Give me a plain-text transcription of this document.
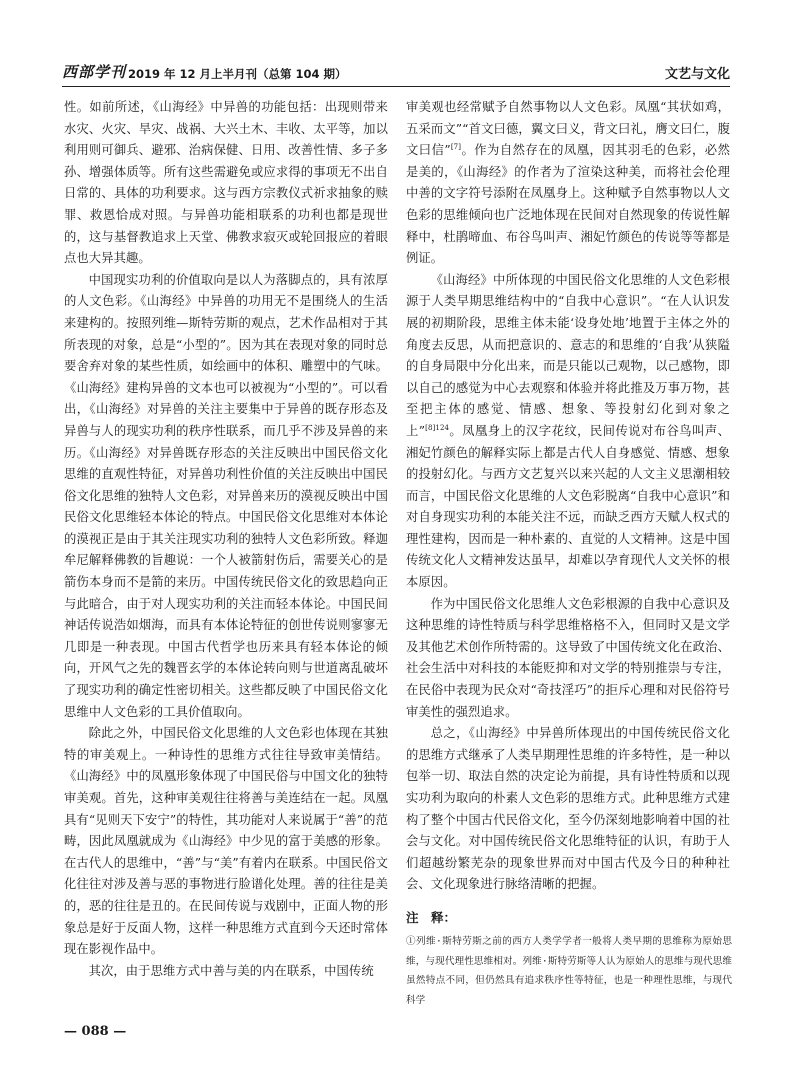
西部学刊 2019 年 12 月上半月刊（总第 104 期）	文艺与文化

性。如前所述，《山海经》中异兽的功能包括：出现则带来水灾、火灾、旱灾、战祸、大兴土木、丰收、太平等，加以利用则可御兵、避邪、治病保健、日用、改善性情、多子多孙、增强体质等。所有这些需避免或应求得的事项无不出自日常的、具体的功利要求。这与西方宗教仪式祈求抽象的赎罪、救恩恰成对照。与异兽功能相联系的功利也都是现世的，这与基督教追求上天堂、佛教求寂灭或轮回报应的着眼点也大异其趣。

中国现实功利的价值取向是以人为落脚点的，具有浓厚的人文色彩。《山海经》中异兽的功用无不是围绕人的生活来建构的。按照列维—斯特劳斯的观点，艺术作品相对于其所表现的对象，总是“小型的”。因为其在表现对象的同时总要舍弃对象的某些性质，如绘画中的体积、雕塑中的气味。《山海经》建构异兽的文本也可以被视为“小型的”。可以看出，《山海经》对异兽的关注主要集中于异兽的既存形态及异兽与人的现实功利的秩序性联系，而几乎不涉及异兽的来历。《山海经》对异兽既存形态的关注反映出中国民俗文化思维的直观性特征，对异兽功利性价值的关注反映出中国民俗文化思维的独特人文色彩，对异兽来历的漠视反映出中国民俗文化思维轻本体论的特点。中国民俗文化思维对本体论的漠视正是由于其关注现实功利的独特人文色彩所致。释迦牟尼解释佛教的旨趣说：一个人被箭射伤后，需要关心的是箭伤本身而不是箭的来历。中国传统民俗文化的致思趋向正与此暗合，由于对人现实功利的关注而轻本体论。中国民间神话传说浩如烟海，而具有本体论特征的创世传说则寥寥无几即是一种表现。中国古代哲学也历来具有轻本体论的倾向，开风气之先的魏晋玄学的本体论转向则与世道离乱破坏了现实功利的确定性密切相关。这些都反映了中国民俗文化思维中人文色彩的工具价值取向。

除此之外，中国民俗文化思维的人文色彩也体现在其独特的审美观上。一种诗性的思维方式往往导致审美情结。《山海经》中的凤凰形象体现了中国民俗与中国文化的独特审美观。首先，这种审美观往往将善与美连结在一起。凤凰具有“见则天下安宁”的特性，其功能对人来说属于“善”的范畴，因此凤凰就成为《山海经》中少见的富于美感的形象。在古代人的思维中，“善”与“美”有着内在联系。中国民俗文化往往对涉及善与恶的事物进行脸谱化处理。善的往往是美的，恶的往往是丑的。在民间传说与戏剧中，正面人物的形象总是好于反面人物，这样一种思维方式直到今天还时常体现在影视作品中。

其次，由于思维方式中善与美的内在联系，中国传统

审美观也经常赋予自然事物以人文色彩。凤凰“其状如鸡，五采而文”“首文曰德，翼文曰义，背文曰礼，膺文曰仁，腹文曰信”[7]。作为自然存在的凤凰，因其羽毛的色彩，必然是美的，《山海经》的作者为了渲染这种美，而将社会伦理中善的文字符号添附在凤凰身上。这种赋予自然事物以人文色彩的思维倾向也广泛地体现在民间对自然现象的传说性解释中，杜鹃啼血、布谷鸟叫声、湘妃竹颜色的传说等等都是例证。

《山海经》中所体现的中国民俗文化思维的人文色彩根源于人类早期思维结构中的“自我中心意识”。“在人认识发展的初期阶段，思维主体未能‘设身处地’地置于主体之外的角度去反思，从而把意识的、意志的和思维的‘自我’从狭隘的自身局限中分化出来，而是只能以己观物，以己感物，即以自己的感觉为中心去观察和体验并将此推及万事万物，甚至把主体的感觉、情感、想象、等投射幻化到对象之上”$^{[8]124}$。凤凰身上的汉字花纹，民间传说对布谷鸟叫声、湘妃竹颜色的解释实际上都是古代人自身感觉、情感、想象的投射幻化。与西方文艺复兴以来兴起的人文主义思潮相较而言，中国民俗文化思维的人文色彩脱离“自我中心意识”和对自身现实功利的本能关注不远，而缺乏西方天赋人权式的理性建构，因而是一种朴素的、直觉的人文精神。这是中国传统文化人文精神发达虽早，却难以孕育现代人文关怀的根本原因。

作为中国民俗文化思维人文色彩根源的自我中心意识及这种思维的诗性特质与科学思维格格不入，但同时又是文学及其他艺术创作所特需的。这导致了中国传统文化在政治、社会生活中对科技的本能贬抑和对文学的特别推崇与专注，在民俗中表现为民众对“奇技淫巧”的拒斥心理和对民俗符号审美性的强烈追求。

总之，《山海经》中异兽所体现出的中国传统民俗文化的思维方式继承了人类早期理性思维的许多特性，是一种以包举一切、取法自然的决定论为前提，具有诗性特质和以现实功利为取向的朴素人文色彩的思维方式。此种思维方式建构了整个中国古代民俗文化，至今仍深刻地影响着中国的社会与文化。对中国传统民俗文化思维特征的认识，有助于人们超越纷繁芜杂的现象世界而对中国古代及今日的种种社会、文化现象进行脉络清晰的把握。

注　释：
①列维·斯特劳斯之前的西方人类学学者一般将人类早期的思维称为原始思维，与现代理性思维相对。列维·斯特劳斯等人认为原始人的思维与现代思维虽然特点不同，但仍然具有追求秩序性等特征，也是一种理性思维，与现代科学
— 088 —
